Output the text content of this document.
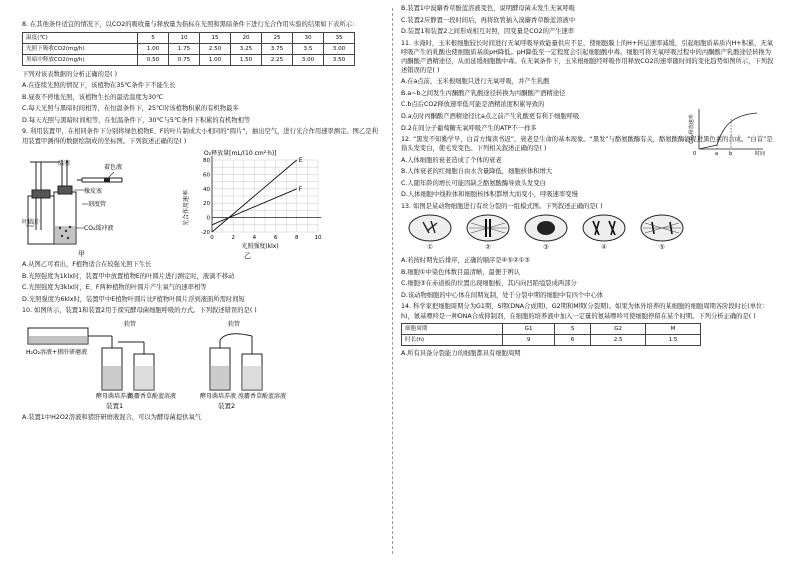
8. 在其他条件适宜的情况下，以CO2的吸收量与释放量为指标在光照和黑暗条件下进行光合作用实验的结果如下表所示：

温度(℃)	5	10	15	20	25	30	35
光照下吸收CO2(mg/h)	1.00	1.75	2.50	3.25	3.75	3.5	3.00
黑暗中释放CO2(mg/h)	0.50	0.75	1.00	1.50	2.25	3.00	3.50

下列对该表数据的分析正确的是( )

A.在连续光照的情况下，该植物在35℃条件下不能生长

B.昼夜不停地光照，该植物生长的最适温度为30℃

C.每天光照与黑暗时间相等，在恒温条件下，25℃时该植物积累的有机物最多

D.每天光照与黑暗时间相等，在恒温条件下，30℃与5℃条件下积累的有机物相等

9. 利用装置甲，在相同条件下分别将绿色植物E、F的叶片制成大小相同的“圆片”，抽出空气，进行光合作用速率测定。图乙是利用装置甲测得的数据绘制成的坐标图。下列叙述正确的是( )

活塞
着色液
橡皮塞
刻度管
叶圆片
CO₂缓冲液
甲
O₂释放量[mL/(10 cm²·h)]
光合作用速率
80
60
40
20
0
-20
0	2	4	6	8	10
E
F
光照强度(klx)
乙

A.从图乙可看出，F植物适合在较强光照下生长

B.光照强度为1klx时，装置甲中放置植物E的叶圆片进行测定时，液滴不移动

C.光照强度为3klx时，E、F两种植物的叶圆片产生氧气的速率相等

D.光照强度为6klx时，装置甲中E植物叶圆片比F植物叶圆片浮到液面所需时间短

10. 如图所示，装置1和装置2用于探究酵母菌细胞呼吸的方式。下列叙述错误的是( )

H₂O₂溶液+猪肝研磨液
软管
酵母菌培养液
溴麝香草酚蓝溶液
软管
酵母菌培养液 溴麝香草酚蓝溶液
装置1	装置2

A.装置1中H2O2溶液和猪肝研磨液混合，可以为酵母菌提供氧气

B.装置1中溴麝香草酚蓝溶液变色，说明酵母菌未发生无氧呼吸

C.装置2应静置一段时间后，再将软管插入溴麝香草酚蓝溶液中

D.装置1和装置2之间形成相互对照，因变量是CO2的产生速率

11. 水淹时，玉米根细胞较长时间进行无氧呼吸导致能量供应不足，使细胞膜上的H+转运速率减缓，引起细胞质基质内H+积累，无氧呼吸产生的乳酸也使细胞质基质pH降低。pH降低至一定程度会引起细胞酸中毒。细胞可将无氧呼吸过程中的丙酮酸产乳酸途径转换为丙酮酸产酒精途径，从而延缓细胞酸中毒。在无氧条件下，玉米根细胞经呼吸作用释放CO2的速率随时间的变化趋势如图所示，下列叙述错误的是( )

A.在a点前，玉米根细胞只进行无氧呼吸，并产生乳酸

B.a~b之间发生丙酮酸产乳酸途径转换为丙酮酸产酒精途径

C.b点后CO2释放速率低可能是酒精浓度积累导致的

D.a点时丙酮酸产酒精途径比a点之前产生乳酸更有利于细胞呼吸

0	a b	时间
CO₂释放速率

D.2在间分子葡萄糖无氧呼吸产生的ATP不一样多

12. “黑发不知勤学早，白首方悔读书迟”，衰老是生命的基本现象。“黑发”与酪氨酸酶有关，酪氨酸酶能促进黑色素的合成。“白首”是指头发变白，使毛发变色。下列相关叙述正确的是( )

A.人体细胞的衰老造成了个体的衰老

B.人体衰老的红细胞自由水含量降低，细胞核体积增大

C.人随年龄的增长可能因缺乏酪氨酸酶导致头发变白

D.人体细胞中线粒体和细胞核体积都增大而变小，呼吸速率变慢

13. 如图是某动物细胞进行有丝分裂的一组模式图。下列叙述正确的是( )

①	②	③	④	⑤

A.若按时期先后排序，正确的顺序是④⑤②①③

B.细胞①中染色体数目最清晰，最便于辨认

C.细胞③在赤道板的位置出现细胞板，其内向凹陷缢裂成两部分

D.该动物细胞的中心体在间期复制，处于分裂中期的细胞中有四个中心体

14. 科学家把细胞周期分为G1期、S期(DNA合成期)、G2期和M期(分裂期)。如果为体外培养的某细胞的细胞周期各阶段时长(单位：h)，氨基嘌呤是一种DNA合成抑制剂，在细胞的培养液中加入一定量的氨基嘌呤可使细胞停留在某个时期。下列分析正确的是( )

细胞周期	G1	S	G2	M
时长(h)	9	6	2.5	1.5

A.所有具备分裂能力的细胞都具有细胞周期
